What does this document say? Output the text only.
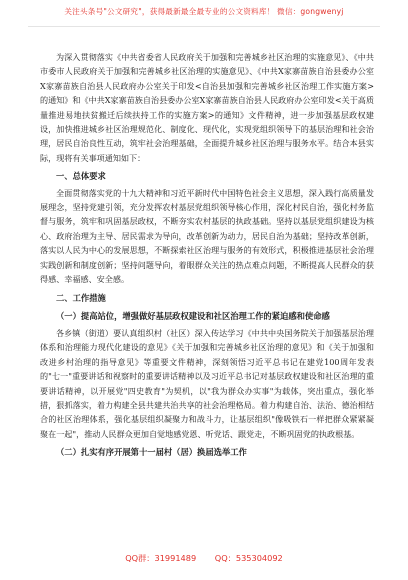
关注头条号"公文研究"，获得最新最全最专业的公文资料库！ 微信：gongwenyj

为深入贯彻落实《中共省委省人民政府关于加强和完善城乡社区治理的实施意见》、《中共市委市人民政府关于加强和完善城乡社区治理的实施意见》、《中共X家寨苗族自治县委办公室X家寨苗族自治县人民政府办公室关于印发<自治县加强和完善城乡社区治理工作实施方案>的通知》和《中共X家寨苗族自治县委办公室X家寨苗族自治县人民政府办公室印发<关于高质量推进易地扶贫搬迁后续扶持工作的实施方案>的通知》文件精神，进一步加强基层政权建设，加快推进城乡社区治理规范化、制度化、现代化，实现党组织领导下的基层治理和社会治理，居民自治良性互动，筑牢社会治理基础，全面提升城乡社区治理与服务水平。结合本县实际，现将有关事项通知如下：

一、总体要求

全面贯彻落实党的十九大精神和习近平新时代中国特色社会主义思想，深入践行高质量发展理念，坚持党建引领，充分发挥农村基层党组织领导核心作用，深化村民自治，强化村务监督与服务，筑牢和巩固基层政权，不断夯实农村基层的执政基础。坚持以基层党组织建设为核心、政府治理为主导、居民需求为导向，改革创新为动力，居民自治为基础；坚持改革创新，落实以人民为中心的发展思想，不断探索社区治理与服务的有效形式，积极推进基层社会治理实践创新和制度创新；坚持问题导向，着眼群众关注的热点难点问题，不断提高人民群众的获得感、幸福感、安全感。

二、工作措施
（一）提高站位，增强做好基层政权建设和社区治理工作的紧迫感和使命感

各乡镇（街道）要认真组织村（社区）深入传达学习《中共中央国务院关于加强基层治理体系和治理能力现代化建设的意见》《关于加强和完善城乡社区治理的意见》和《关于加强和改进乡村治理的指导意见》等重要文件精神，深刻领悟习近平总书记在建党100周年发表的"七一"重要讲话和视察时的重要讲话精神以及习近平总书记对基层政权建设和社区治理的重要讲话精神，以开展党"四史教育"为契机，以"我为群众办实事"为载体，突出重点，强化举措，狠抓落实，着力构建全县共建共治共享的社会治理格局。着力构建自治、法治、德治相结合的社区治理体系，强化基层组织凝聚力和战斗力，让基层组织"像吸铁石一样把群众紧紧凝聚在一起"，推动人民群众更加自觉地感党恩、听党话、跟党走，不断巩固党的执政根基。

（二）扎实有序开展第十一届村（居）换届选举工作
QQ群：31991489 QQ：535304092
